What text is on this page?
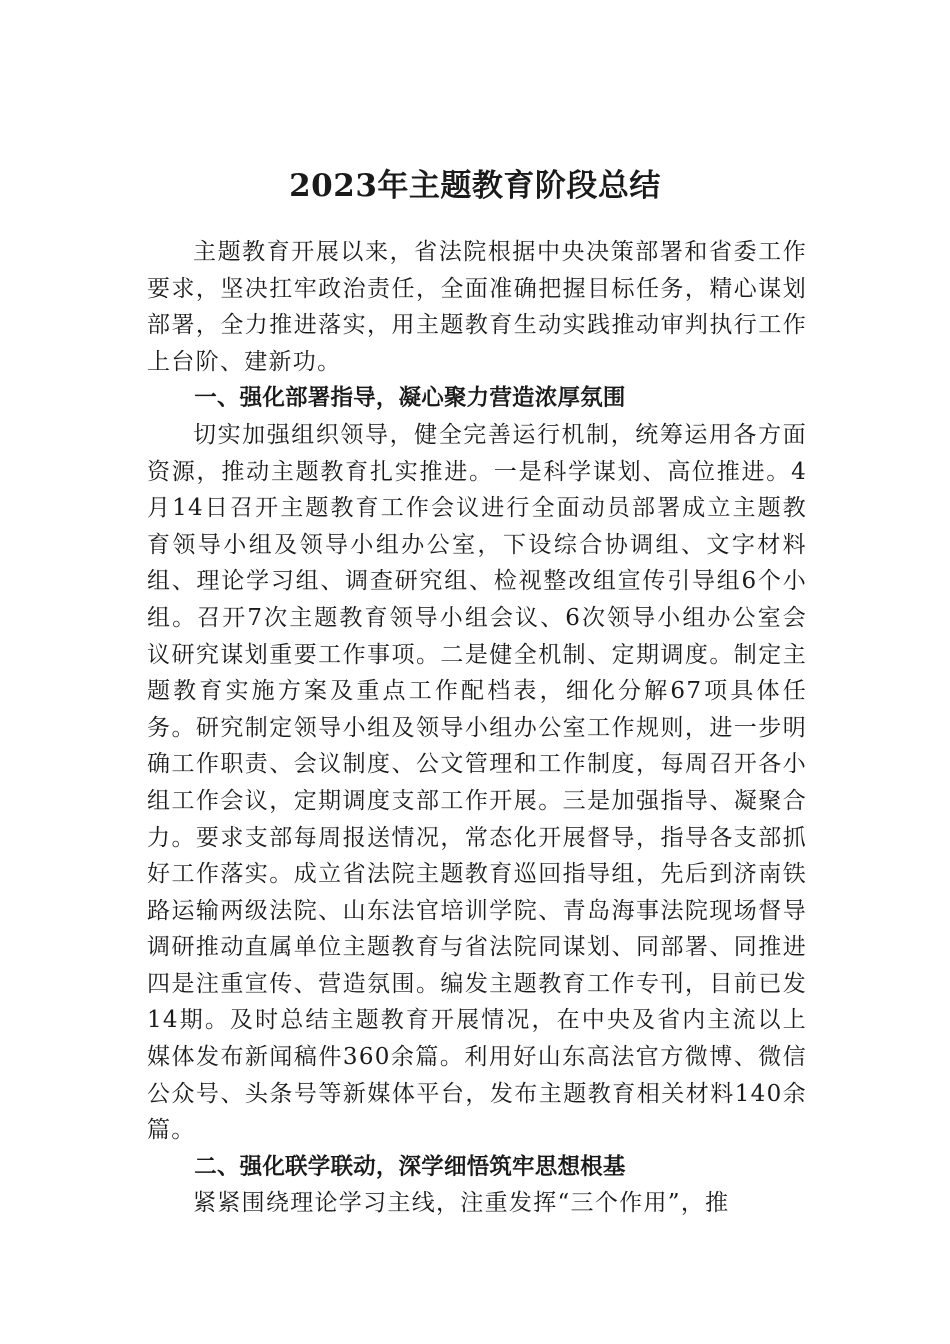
2023年主题教育阶段总结

主题教育开展以来，省法院根据中央决策部署和省委工作要求，坚决扛牢政治责任，全面准确把握目标任务，精心谋划部署，全力推进落实，用主题教育生动实践推动审判执行工作上台阶、建新功。

一、强化部署指导，凝心聚力营造浓厚氛围

切实加强组织领导，健全完善运行机制，统筹运用各方面资源，推动主题教育扎实推进。一是科学谋划、高位推进。4月14日召开主题教育工作会议进行全面动员部署成立主题教育领导小组及领导小组办公室，下设综合协调组、文字材料组、理论学习组、调查研究组、检视整改组宣传引导组6个小组。召开7次主题教育领导小组会议、6次领导小组办公室会议研究谋划重要工作事项。二是健全机制、定期调度。制定主题教育实施方案及重点工作配档表，细化分解67项具体任务。研究制定领导小组及领导小组办公室工作规则，进一步明确工作职责、会议制度、公文管理和工作制度，每周召开各小组工作会议，定期调度支部工作开展。三是加强指导、凝聚合力。要求支部每周报送情况，常态化开展督导，指导各支部抓好工作落实。成立省法院主题教育巡回指导组，先后到济南铁路运输两级法院、山东法官培训学院、青岛海事法院现场督导调研推动直属单位主题教育与省法院同谋划、同部署、同推进四是注重宣传、营造氛围。编发主题教育工作专刊，目前已发14期。及时总结主题教育开展情况，在中央及省内主流以上媒体发布新闻稿件360余篇。利用好山东高法官方微博、微信公众号、头条号等新媒体平台，发布主题教育相关材料140余篇。

二、强化联学联动，深学细悟筑牢思想根基

紧紧围绕理论学习主线，注重发挥“三个作用”，推
